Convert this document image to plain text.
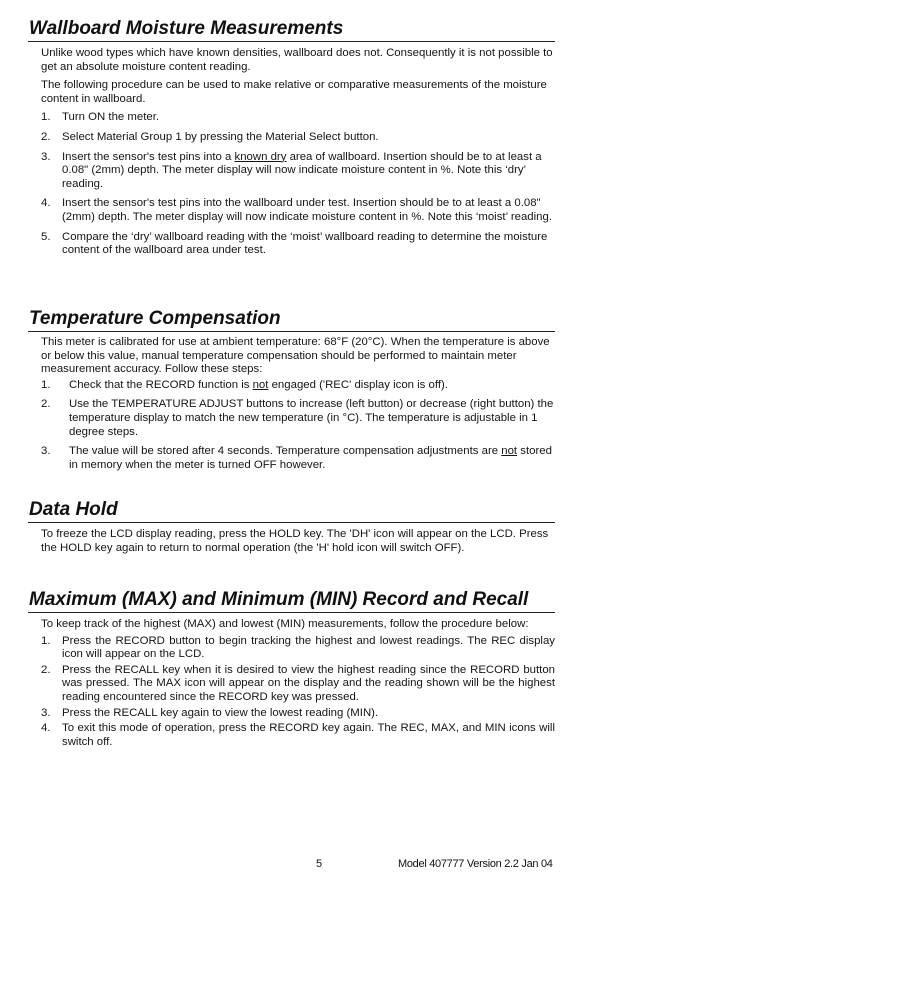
Wallboard Moisture Measurements

Unlike wood types which have known densities, wallboard does not. Consequently it is not possible to get an absolute moisture content reading.

The following procedure can be used to make relative or comparative measurements of the moisture content in wallboard.

1.	Turn ON the meter.
2.	Select Material Group 1 by pressing the Material Select button.
3.	Insert the sensor's test pins into a known dry area of wallboard. Insertion should be to at least a 0.08" (2mm) depth. The meter display will now indicate moisture content in %. Note this ‘dry’ reading.
4.	Insert the sensor's test pins into the wallboard under test. Insertion should be to at least a 0.08" (2mm) depth. The meter display will now indicate moisture content in %. Note this ‘moist’ reading.
5.	Compare the ‘dry’ wallboard reading with the ‘moist’ wallboard reading to determine the moisture content of the wallboard area under test.
Temperature Compensation

This meter is calibrated for use at ambient temperature: 68°F (20°C). When the temperature is above or below this value, manual temperature compensation should be performed to maintain meter measurement accuracy. Follow these steps:

1.	Check that the RECORD function is not engaged ('REC' display icon is off).
2.	Use the TEMPERATURE ADJUST buttons to increase (left button) or decrease (right button) the temperature display to match the new temperature (in °C). The temperature is adjustable in 1 degree steps.
3.	The value will be stored after 4 seconds. Temperature compensation adjustments are not stored in memory when the meter is turned OFF however.
Data Hold

To freeze the LCD display reading, press the HOLD key. The 'DH' icon will appear on the LCD. Press the HOLD key again to return to normal operation (the 'H' hold icon will switch OFF).

Maximum (MAX) and Minimum (MIN) Record and Recall

To keep track of the highest (MAX) and lowest (MIN) measurements, follow the procedure below:

1.	Press the RECORD button to begin tracking the highest and lowest readings. The REC display icon will appear on the LCD.
2.	Press the RECALL key when it is desired to view the highest reading since the RECORD button was pressed. The MAX icon will appear on the display and the reading shown will be the highest reading encountered since the RECORD key was pressed.
3.	Press the RECALL key again to view the lowest reading (MIN).
4.	To exit this mode of operation, press the RECORD key again. The REC, MAX, and MIN icons will switch off.
5	Model 407777 Version 2.2 Jan 04
